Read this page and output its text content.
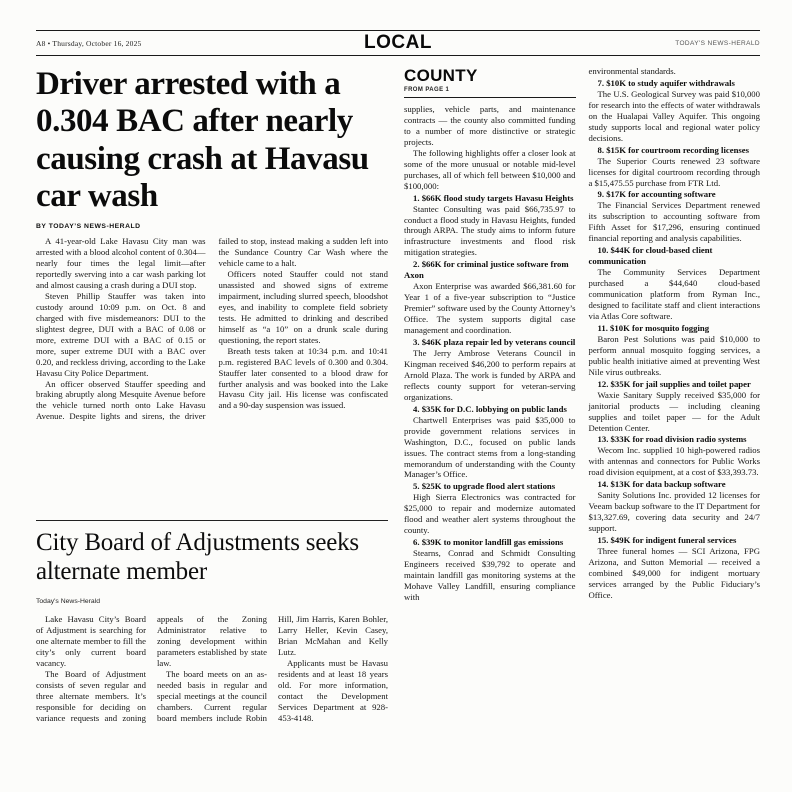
A8 • Thursday, October 16, 2025	LOCAL	TODAY'S NEWS-HERALD
Driver arrested with a 0.304 BAC after nearly causing crash at Havasu car wash
BY TODAY’S NEWS-HERALD

A 41-year-old Lake Havasu City man was arrested with a blood alcohol content of 0.304—nearly four times the legal limit—after reportedly swerving into a car wash parking lot and almost causing a crash during a DUI stop.

Steven Phillip Stauffer was taken into custody around 10:09 p.m. on Oct. 8 and charged with five misdemeanors: DUI to the slightest degree, DUI with a BAC of 0.08 or more, extreme DUI with a BAC of 0.15 or more, super extreme DUI with a BAC over 0.20, and reckless driving, according to the Lake Havasu City Police Department.

An officer observed Stauffer speeding and braking abruptly along Mesquite Avenue before the vehicle turned north onto Lake Havasu Avenue. Despite lights and sirens, the driver failed to stop, instead making a sudden left into the Sundance Country Car Wash where the vehicle came to a halt.

Officers noted Stauffer could not stand unassisted and showed signs of extreme impairment, including slurred speech, bloodshot eyes, and inability to complete field sobriety tests. He admitted to drinking and described himself as “a 10” on a drunk scale during questioning, the report states.

Breath tests taken at 10:34 p.m. and 10:41 p.m. registered BAC levels of 0.300 and 0.304. Stauffer later consented to a blood draw for further analysis and was booked into the Lake Havasu City jail. His license was confiscated and a 90-day suspension was issued.

City Board of Adjustments seeks alternate member
Today's News-Herald

Lake Havasu City’s Board of Adjustment is searching for one alternate member to fill the city’s only current board vacancy.

The Board of Adjustment consists of seven regular and three alternate members. It’s responsible for deciding on variance requests and zoning appeals of the Zoning Administrator relative to zoning development within parameters established by state law.

The board meets on an as-needed basis in regular and special meetings at the council chambers. Current regular board members include Robin Hill, Jim Harris, Karen Bohler, Larry Heller, Kevin Casey, Brian McMahan and Kelly Lutz.

Applicants must be Havasu residents and at least 18 years old. For more information, contact the Development Services Department at 928-453-4148.

COUNTY
FROM PAGE 1

supplies, vehicle parts, and maintenance contracts — the county also committed funding to a number of more distinctive or strategic projects.

The following highlights offer a closer look at some of the more unusual or notable mid-level purchases, all of which fell between $10,000 and $100,000:

1. $66K flood study targets Havasu Heights

Stantec Consulting was paid $66,735.97 to conduct a flood study in Havasu Heights, funded through ARPA. The study aims to inform future infrastructure investments and flood risk mitigation strategies.

2. $66K for criminal justice software from Axon

Axon Enterprise was awarded $66,381.60 for Year 1 of a five-year subscription to “Justice Premier” software used by the County Attorney’s Office. The system supports digital case management and coordination.

3. $46K plaza repair led by veterans council

The Jerry Ambrose Veterans Council in Kingman received $46,200 to perform repairs at Arnold Plaza. The work is funded by ARPA and reflects county support for veteran-serving organizations.

4. $35K for D.C. lobbying on public lands

Chartwell Enterprises was paid $35,000 to provide government relations services in Washington, D.C., focused on public lands issues. The contract stems from a long-standing memorandum of understanding with the County Manager’s Office.

5. $25K to upgrade flood alert stations

High Sierra Electronics was contracted for $25,000 to repair and modernize automated flood and weather alert systems throughout the county.

6. $39K to monitor landfill gas emissions

Stearns, Conrad and Schmidt Consulting Engineers received $39,792 to operate and maintain landfill gas monitoring systems at the Mohave Valley Landfill, ensuring compliance with

environmental standards.

7. $10K to study aquifer withdrawals

The U.S. Geological Survey was paid $10,000 for research into the effects of water withdrawals on the Hualapai Valley Aquifer. This ongoing study supports local and regional water policy decisions.

8. $15K for courtroom recording licenses

The Superior Courts renewed 23 software licenses for digital courtroom recording through a $15,475.55 purchase from FTR Ltd.

9. $17K for accounting software

The Financial Services Department renewed its subscription to accounting software from Fifth Asset for $17,296, ensuring continued financial reporting and analysis capabilities.

10. $44K for cloud-based client communication

The Community Services Department purchased a $44,640 cloud-based communication platform from Ryman Inc., designed to facilitate staff and client interactions via Atlas Core software.

11. $10K for mosquito fogging

Baron Pest Solutions was paid $10,000 to perform annual mosquito fogging services, a public health initiative aimed at preventing West Nile virus outbreaks.

12. $35K for jail supplies and toilet paper

Waxie Sanitary Supply received $35,000 for janitorial products — including cleaning supplies and toilet paper — for the Adult Detention Center.

13. $33K for road division radio systems

Wecom Inc. supplied 10 high-powered radios with antennas and connectors for Public Works road division equipment, at a cost of $33,393.73.

14. $13K for data backup software

Sanity Solutions Inc. provided 12 licenses for Veeam backup software to the IT Department for $13,327.69, covering data security and 24/7 support.

15. $49K for indigent funeral services

Three funeral homes — SCI Arizona, FPG Arizona, and Sutton Memorial — received a combined $49,000 for indigent mortuary services arranged by the Public Fiduciary’s Office.
